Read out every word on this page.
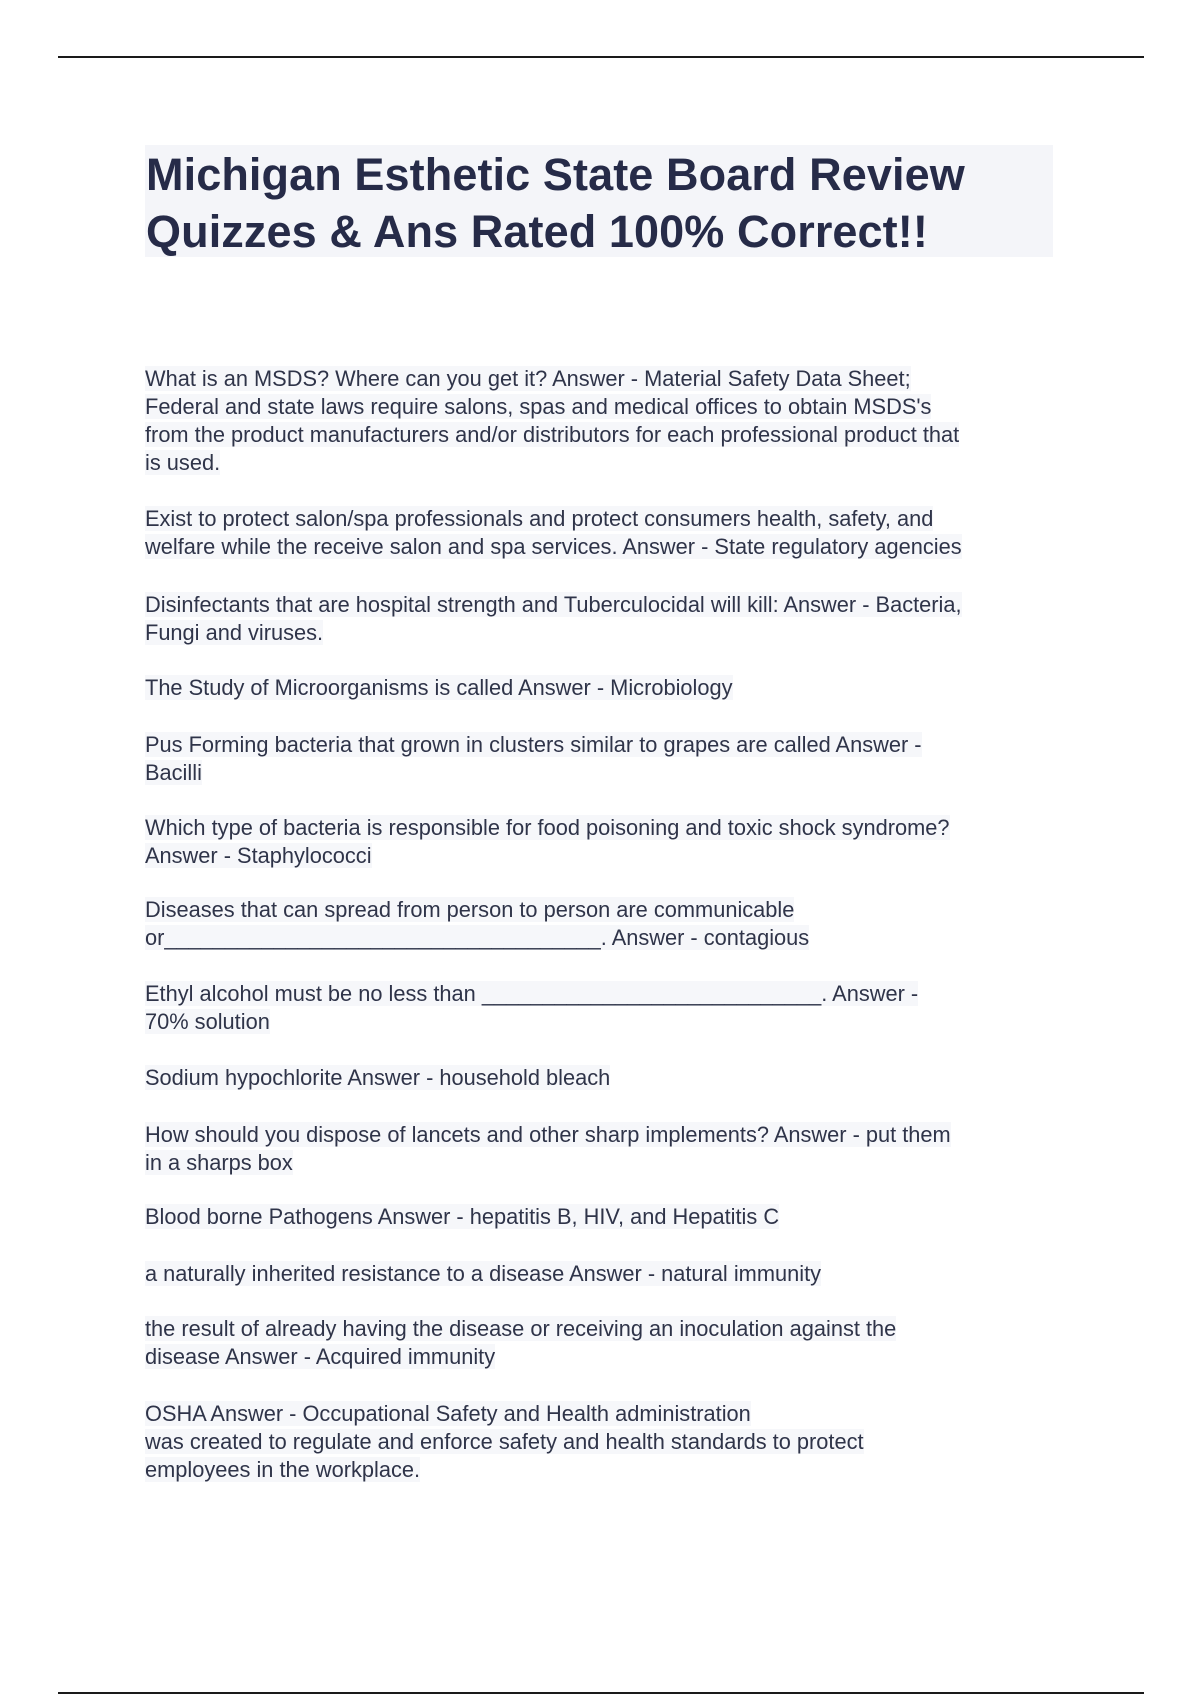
Michigan Esthetic State Board Review
Quizzes & Ans Rated 100% Correct!!

What is an MSDS? Where can you get it? Answer - Material Safety Data Sheet;
Federal and state laws require salons, spas and medical offices to obtain MSDS's
from the product manufacturers and/or distributors for each professional product that
is used.

Exist to protect salon/spa professionals and protect consumers health, safety, and
welfare while the receive salon and spa services. Answer - State regulatory agencies

Disinfectants that are hospital strength and Tuberculocidal will kill: Answer - Bacteria,
Fungi and viruses.

The Study of Microorganisms is called Answer - Microbiology

Pus Forming bacteria that grown in clusters similar to grapes are called Answer -
Bacilli

Which type of bacteria is responsible for food poisoning and toxic shock syndrome?
Answer - Staphylococci

Diseases that can spread from person to person are communicable
or____________________________________. Answer - contagious

Ethyl alcohol must be no less than ____________________________. Answer -
70% solution

Sodium hypochlorite Answer - household bleach

How should you dispose of lancets and other sharp implements? Answer - put them
in a sharps box

Blood borne Pathogens Answer - hepatitis B, HIV, and Hepatitis C

a naturally inherited resistance to a disease Answer - natural immunity

the result of already having the disease or receiving an inoculation against the
disease Answer - Acquired immunity

OSHA Answer - Occupational Safety and Health administration
was created to regulate and enforce safety and health standards to protect
employees in the workplace.
